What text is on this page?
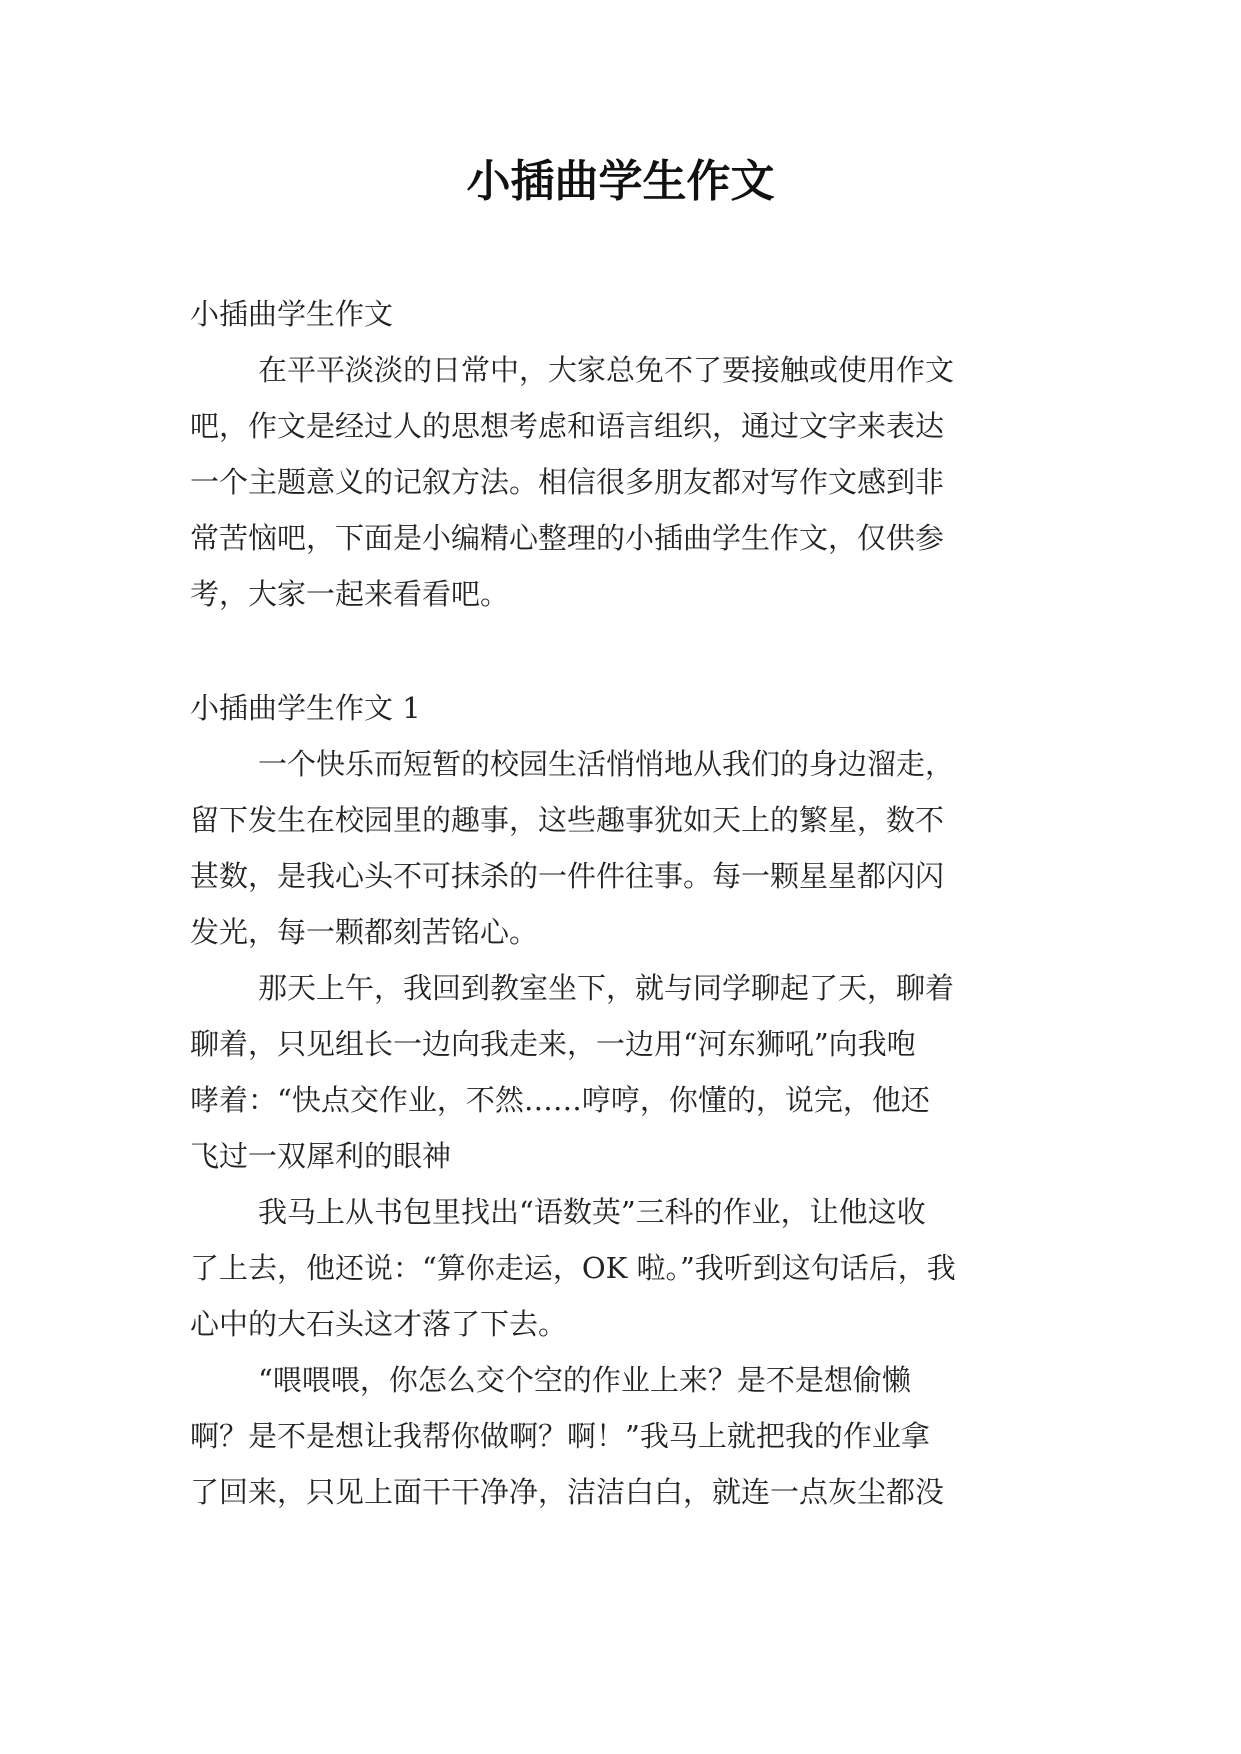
小插曲学生作文
小插曲学生作文
在平平淡淡的日常中，大家总免不了要接触或使用作文
吧，作文是经过人的思想考虑和语言组织，通过文字来表达
一个主题意义的记叙方法。相信很多朋友都对写作文感到非
常苦恼吧，下面是小编精心整理的小插曲学生作文，仅供参
考，大家一起来看看吧。
小插曲学生作文 1
一个快乐而短暂的校园生活悄悄地从我们的身边溜走，
留下发生在校园里的趣事，这些趣事犹如天上的繁星，数不
甚数，是我心头不可抹杀的一件件往事。每一颗星星都闪闪
发光，每一颗都刻苦铭心。
那天上午，我回到教室坐下，就与同学聊起了天，聊着
聊着，只见组长一边向我走来，一边用“河东狮吼”向我咆
哮着：“快点交作业，不然……哼哼，你懂的，说完，他还
飞过一双犀利的眼神
我马上从书包里找出“语数英”三科的作业，让他这收
了上去，他还说：“算你走运，OK 啦。”我听到这句话后，我
心中的大石头这才落了下去。
“喂喂喂，你怎么交个空的作业上来？是不是想偷懒
啊？是不是想让我帮你做啊？啊！”我马上就把我的作业拿
了回来，只见上面干干净净，洁洁白白，就连一点灰尘都没
